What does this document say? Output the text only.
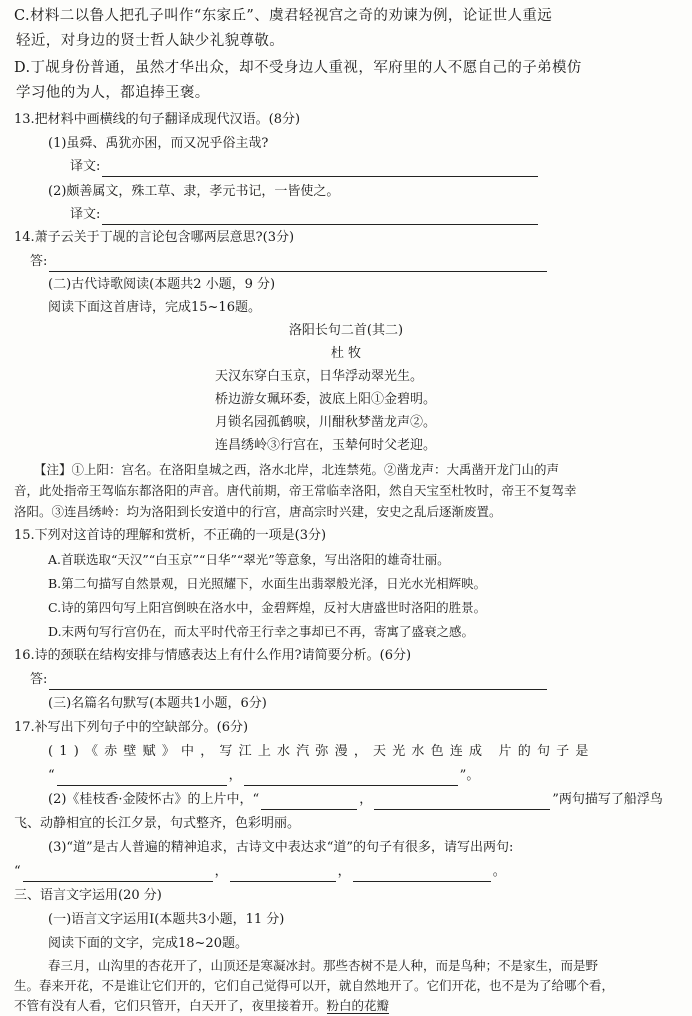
C.材料二以鲁人把孔子叫作“东家丘”、虞君轻视宫之奇的劝谏为例，论证世人重远
轻近，对身边的贤士哲人缺少礼貌尊敬。
D.丁觇身份普通，虽然才华出众，却不受身边人重视，军府里的人不愿自己的子弟模仿
学习他的为人，都追捧王褒。
13.把材料中画横线的句子翻译成现代汉语。(8分)
(1)虽舜、禹犹亦困，而又况乎俗主哉?
译文:
(2)颇善属文，殊工草、隶，孝元书记，一皆使之。
译文:
14.萧子云关于丁觇的言论包含哪两层意思?(3分)
答:
(二)古代诗歌阅读(本题共2 小题，9 分)
阅读下面这首唐诗，完成15~16题。
洛阳长句二首(其二)
杜 牧
天汉东穿白玉京，日华浮动翠光生。
桥边游女珮环委，波底上阳①金碧明。
月锁名园孤鹤唳，川酣秋梦凿龙声②。
连昌绣岭③行宫在，玉辇何时父老迎。
【注】①上阳：宫名。在洛阳皇城之西，洛水北岸，北连禁苑。②凿龙声：大禹凿开龙门山的声
音，此处指帝王驾临东都洛阳的声音。唐代前期，帝王常临幸洛阳，然自天宝至杜牧时，帝王不复驾幸
洛阳。③连昌绣岭：均为洛阳到长安道中的行宫，唐高宗时兴建，安史之乱后逐渐废置。
15.下列对这首诗的理解和赏析，不正确的一项是(3分)
A.首联选取“天汉”“白玉京”“日华”“翠光”等意象，写出洛阳的雄奇壮丽。
B.第二句描写自然景观，日光照耀下，水面生出翡翠般光泽，日光水光相辉映。
C.诗的第四句写上阳宫倒映在洛水中，金碧辉煌，反衬大唐盛世时洛阳的胜景。
D.末两句写行宫仍在，而太平时代帝王行幸之事却已不再，寄寓了盛衰之感。
16.诗的颈联在结构安排与情感表达上有什么作用?请简要分析。(6分)
答:
(三)名篇名句默写(本题共1小题，6分)
17.补写出下列句子中的空缺部分。(6分)
(1)《赤壁赋》中，写江上水汽弥漫，天光水色连成 片的句子是
“	，	”。
(2)《桂枝香·金陵怀古》的上片中，“	，	”两句描写了船浮鸟
飞、动静相宜的长江夕景，句式整齐，色彩明丽。
(3)“道”是古人普遍的精神追求，古诗文中表达求“道”的句子有很多，请写出两句:
“	，	，	。
三、语言文字运用(20 分)
(一)语言文字运用Ⅰ(本题共3小题，11 分)
阅读下面的文字，完成18~20题。
春三月，山沟里的杏花开了，山顶还是寒凝冰封。那些杏树不是人种，而是鸟种；不是家生，而是野
生。春来开花，不是谁让它们开的，它们自己觉得可以开，就自然地开了。它们开花，也不是为了给哪个看，
不管有没有人看，它们只管开，白天开了，夜里接着开。粉白的花瓣
